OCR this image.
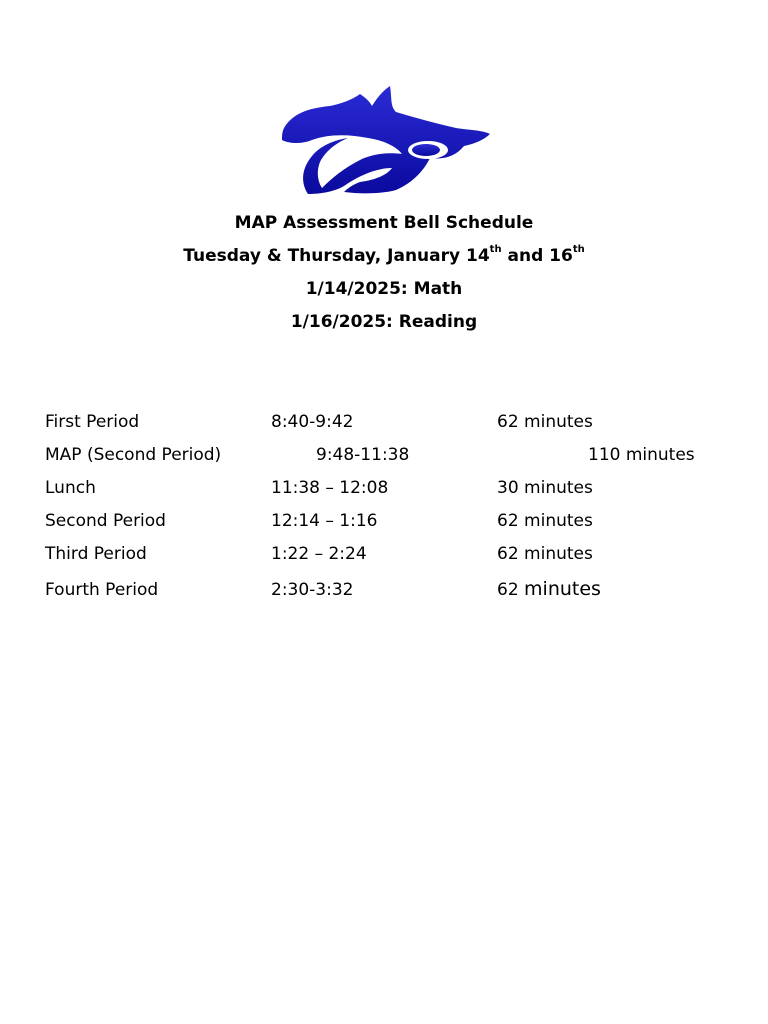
MAP Assessment Bell Schedule
Tuesday & Thursday, January 14th and 16th
1/14/2025: Math
1/16/2025: Reading
First Period	8:40-9:42	62 minutes
MAP (Second Period)	9:48-11:38	110 minutes
Lunch	11:38 – 12:08	30 minutes
Second Period	12:14 – 1:16	62 minutes
Third Period	1:22 – 2:24	62 minutes
Fourth Period	2:30-3:32	62 minutes
